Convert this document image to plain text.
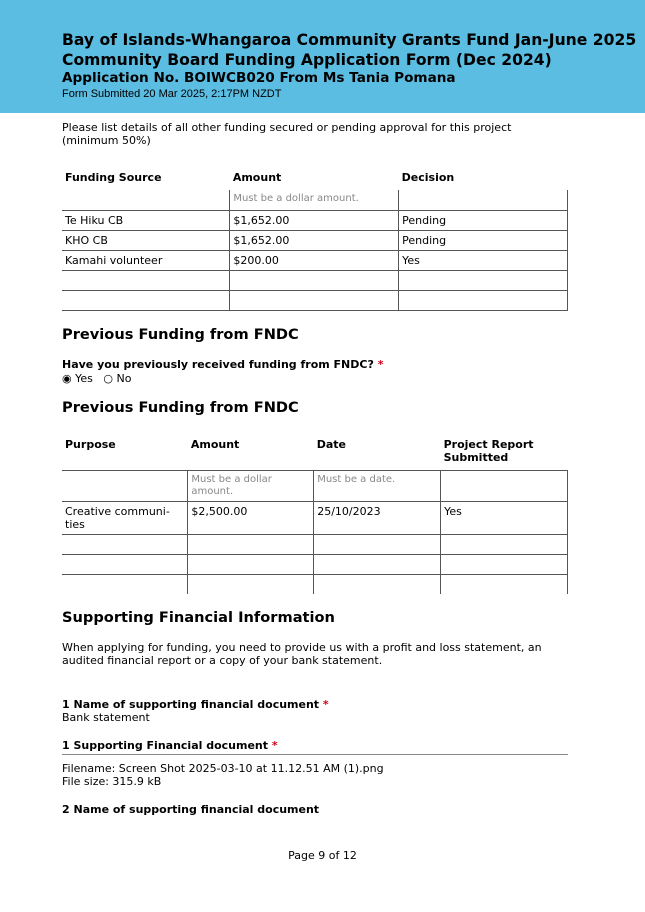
Bay of Islands-Whangaroa Community Grants Fund Jan-June 2025
Community Board Funding Application Form (Dec 2024)
Application No. BOIWCB020 From Ms Tania Pomana
Form Submitted 20 Mar 2025, 2:17PM NZDT
Please list details of all other funding secured or pending approval for this project (minimum 50%)
Funding Source	Amount	Decision
	Must be a dollar amount.	
Te Hiku CB	$1,652.00	Pending
KHO CB	$1,652.00	Pending
Kamahi volunteer	$200.00	Yes

Previous Funding from FNDC
Have you previously received funding from FNDC? *
◉ Yes ○ No
Previous Funding from FNDC
Purpose	Amount	Date	Project Report Submitted
	Must be a dollar amount.	Must be a date.	
Creative communi-ties	$2,500.00	25/10/2023	Yes

Supporting Financial Information
When applying for funding, you need to provide us with a profit and loss statement, an audited financial report or a copy of your bank statement.
1 Name of supporting financial document *
Bank statement
1 Supporting Financial document *
Filename: Screen Shot 2025-03-10 at 11.12.51 AM (1).png
File size: 315.9 kB
2 Name of supporting financial document
Page 9 of 12
